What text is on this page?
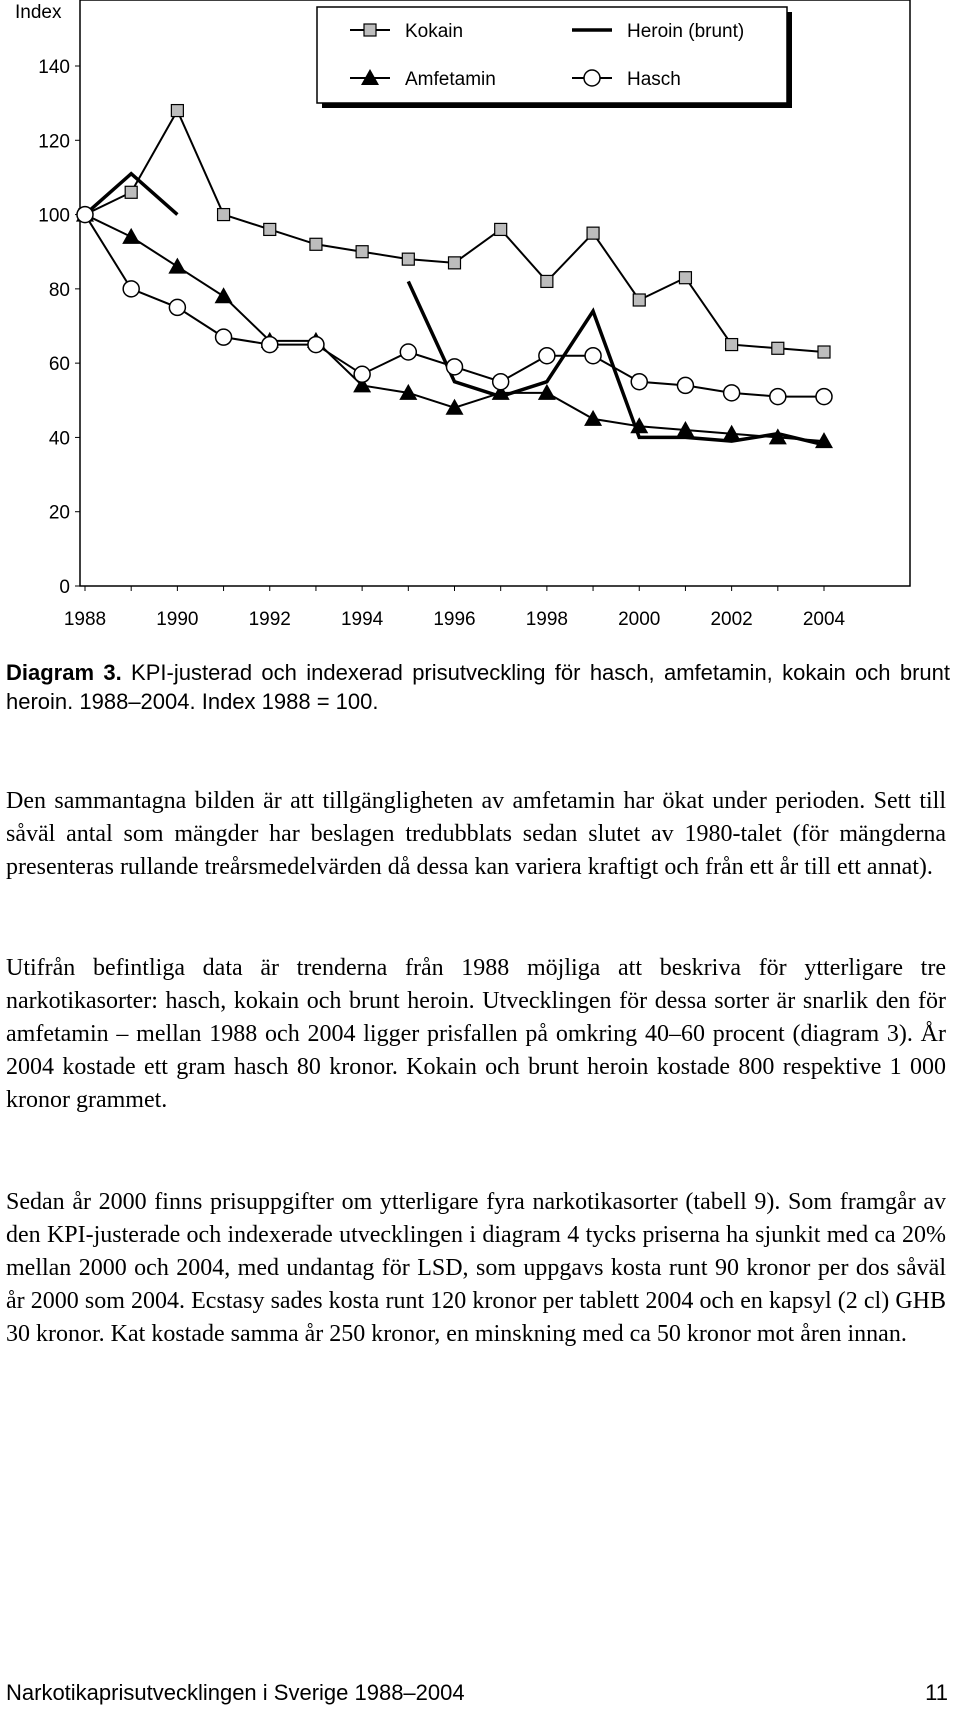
Index
0
20
40
60
80
100
120
140
1988	1990	1992	1994	1996	1998	2000	2002	2004
Kokain	Heroin (brunt)
Amfetamin	Hasch
Diagram 3. KPI-justerad och indexerad prisutveckling för hasch, amfetamin, kokain och brunt heroin. 1988–2004. Index 1988 = 100.

Den sammantagna bilden är att tillgängligheten av amfetamin har ökat under perioden. Sett till såväl antal som mängder har beslagen tredubblats sedan slutet av 1980-talet (för mängderna presenteras rullande treårsmedelvärden då dessa kan variera kraftigt och från ett år till ett annat).

Utifrån befintliga data är trenderna från 1988 möjliga att beskriva för ytterligare tre narkotikasorter: hasch, kokain och brunt heroin. Utvecklingen för dessa sorter är snarlik den för amfetamin – mellan 1988 och 2004 ligger prisfallen på omkring 40–60 procent (diagram 3). År 2004 kostade ett gram hasch 80 kronor. Kokain och brunt heroin kostade 800 respektive 1 000 kronor grammet.

Sedan år 2000 finns prisuppgifter om ytterligare fyra narkotikasorter (tabell 9). Som framgår av den KPI-justerade och indexerade utvecklingen i diagram 4 tycks priserna ha sjunkit med ca 20% mellan 2000 och 2004, med undantag för LSD, som uppgavs kosta runt 90 kronor per dos såväl år 2000 som 2004. Ecstasy sades kosta runt 120 kronor per tablett 2004 och en kapsyl (2 cl) GHB 30 kronor. Kat kostade samma år 250 kronor, en minskning med ca 50 kronor mot åren innan.

Narkotikaprisutvecklingen i Sverige 1988–2004	11
